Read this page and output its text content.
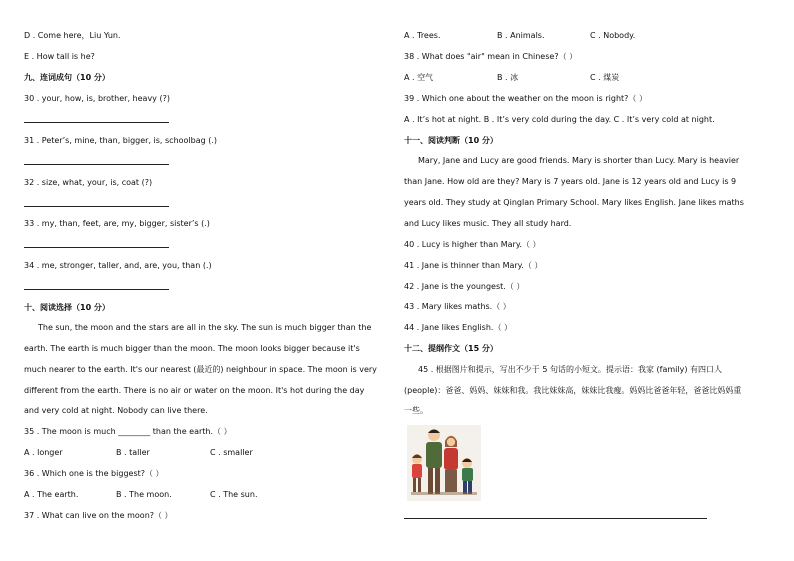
D . Come here，Liu Yun.
E . How tall is he?
九、连词成句（10 分）
30 . your, how, is, brother, heavy (?)
31 . Peter’s, mine, than, bigger, is, schoolbag (.)
32 . size, what, your, is, coat (?)
33 . my, than, feet, are, my, bigger, sister’s (.)
34 . me, stronger, taller, and, are, you, than (.)
十、阅读选择（10 分）
The sun, the moon and the stars are all in the sky. The sun is much bigger than the
earth. The earth is much bigger than the moon. The moon looks bigger because it's
much nearer to the earth. It's our nearest (最近的) neighbour in space. The moon is very
different from the earth. There is no air or water on the moon. It's hot during the day
and very cold at night. Nobody can live there.
35 . The moon is much ________ than the earth.（ ）
A . longer	B . taller	C . smaller
36 . Which one is the biggest?（ ）
A . The earth.	B . The moon.	C . The sun.
37 . What can live on the moon?（ ）
A . Trees.	B . Animals.	C . Nobody.
38 . What does "air" mean in Chinese?（ ）
A . 空气	B . 冰	C . 煤炭
39 . Which one about the weather on the moon is right?（ ）
A . It’s hot at night. B . It’s very cold during the day. C . It’s very cold at night.
十一、阅读判断（10 分）
Mary, Jane and Lucy are good friends. Mary is shorter than Lucy. Mary is heavier
than Jane. How old are they? Mary is 7 years old. Jane is 12 years old and Lucy is 9
years old. They study at Qinglan Primary School. Mary likes English. Jane likes maths
and Lucy likes music. They all study hard.
40 . Lucy is higher than Mary.（ ）
41 . Jane is thinner than Mary.（ ）
42 . Jane is the youngest.（ ）
43 . Mary likes maths.（ ）
44 . Jane likes English.（ ）
十二、提纲作文（15 分）
45 . 根据图片和提示，写出不少于 5 句话的小短文。提示语：我家 (family) 有四口人
(people)：爸爸、妈妈、妹妹和我。我比妹妹高，妹妹比我瘦。妈妈比爸爸年轻，爸爸比妈妈重
一些。
